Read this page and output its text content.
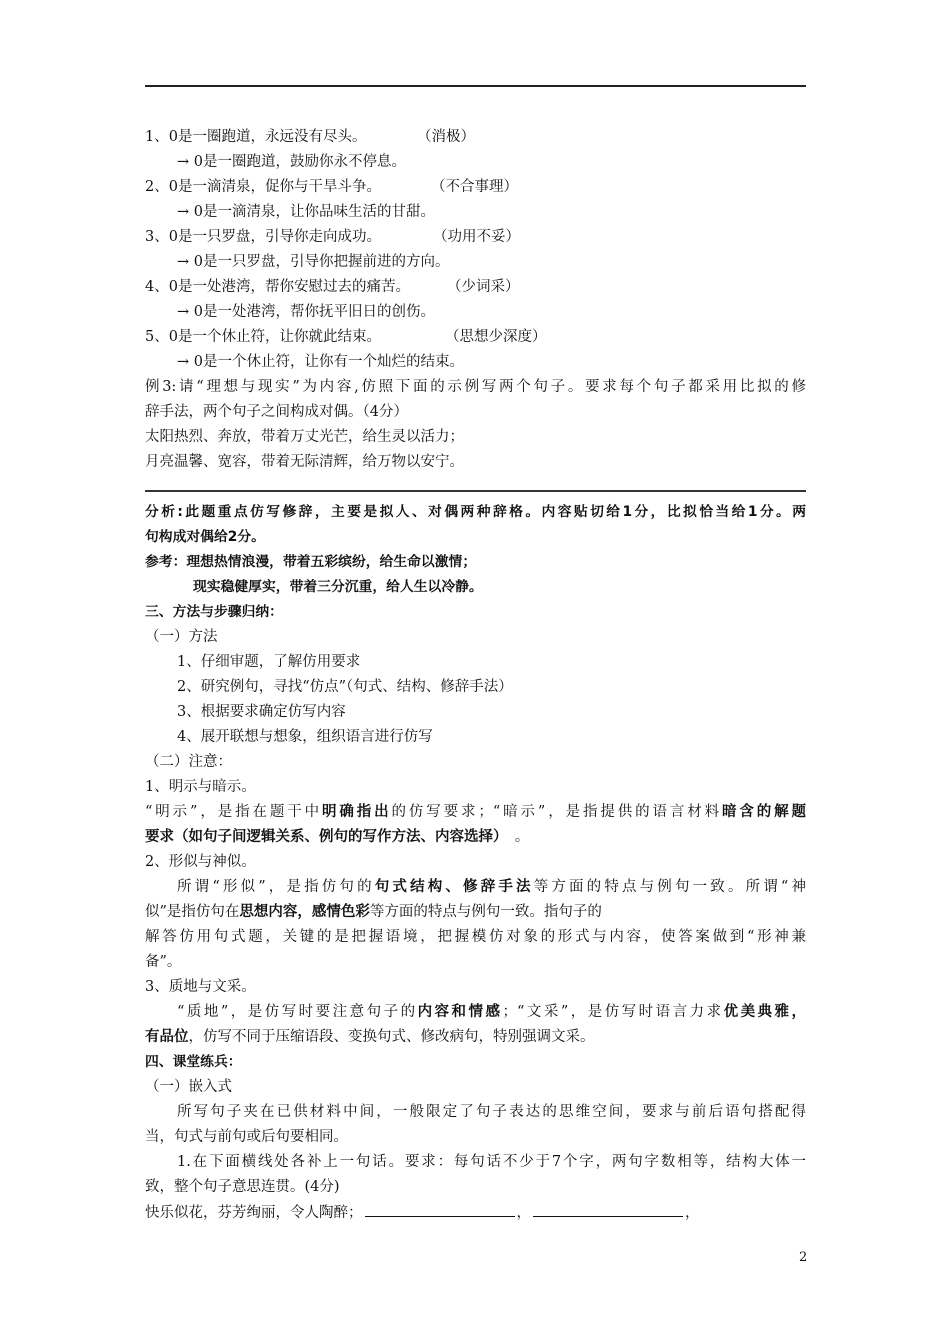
1、0是一圈跑道，永远没有尽头。	（消极）
→ 0是一圈跑道，鼓励你永不停息。
2、0是一滴清泉，促你与干旱斗争。	（不合事理）
→ 0是一滴清泉，让你品味生活的甘甜。
3、0是一只罗盘，引导你走向成功。	（功用不妥）
→ 0是一只罗盘，引导你把握前进的方向。
4、0是一处港湾，帮你安慰过去的痛苦。	（少词采）
→ 0是一处港湾，帮你抚平旧日的创伤。
5、0是一个休止符，让你就此结束。	（思想少深度）
→ 0是一个休止符，让你有一个灿烂的结束。
例3:请“理想与现实”为内容,仿照下面的示例写两个句子。要求每个句子都采用比拟的修
辞手法，两个句子之间构成对偶。（4分）
太阳热烈、奔放，带着万丈光芒，给生灵以活力；
月亮温馨、宽容，带着无际清辉，给万物以安宁。
分析:此题重点仿写修辞，主要是拟人、对偶两种辞格。内容贴切给1分，比拟恰当给1分。两
句构成对偶给2分。
参考：理想热情浪漫，带着五彩缤纷，给生命以激情；
现实稳健厚实，带着三分沉重，给人生以冷静。
三、方法与步骤归纳：
（一）方法
1、仔细审题，了解仿用要求
2、研究例句，寻找“仿点”（句式、结构、修辞手法）
3、根据要求确定仿写内容
4、展开联想与想象，组织语言进行仿写
（二）注意：
1、明示与暗示。
“明示”，是指在题干中明确指出的仿写要求；“暗示”，是指提供的语言材料暗含的解题
要求（如句子间逻辑关系、例句的写作方法、内容选择）　。
2、形似与神似。
所谓“形似”，是指仿句的句式结构、修辞手法等方面的特点与例句一致。所谓“神
似”是指仿句在思想内容，感情色彩等方面的特点与例句一致。指句子的
解答仿用句式题，关键的是把握语境，把握模仿对象的形式与内容，使答案做到“形神兼
备”。
3、质地与文采。
“质地”，是仿写时要注意句子的内容和情感；“文采”，是仿写时语言力求优美典雅，
有品位，仿写不同于压缩语段、变换句式、修改病句，特别强调文采。
四、课堂练兵：
（一）嵌入式
所写句子夹在已供材料中间，一般限定了句子表达的思维空间，要求与前后语句搭配得
当，句式与前句或后句要相同。
1.在下面横线处各补上一句话。要求：每句话不少于7个字，两句字数相等，结构大体一
致，整个句子意思连贯。(4分)
快乐似花，芬芳绚丽，令人陶醉；	，	，
2
